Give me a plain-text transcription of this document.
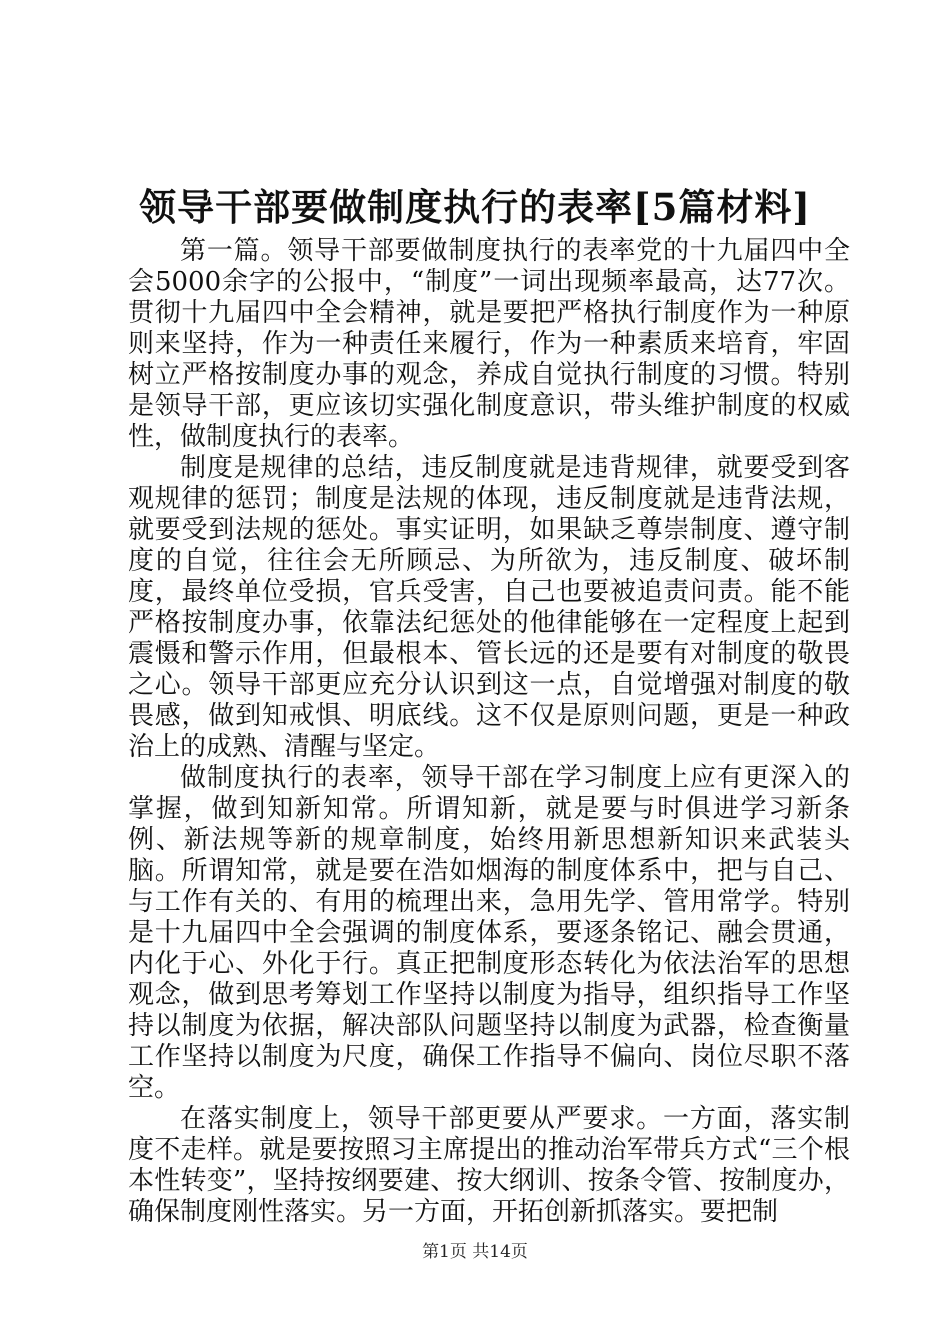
领导干部要做制度执行的表率[5篇材料]

第一篇。领导干部要做制度执行的表率党的十九届四中全会5000余字的公报中，“制度”一词出现频率最高，达77次。贯彻十九届四中全会精神，就是要把严格执行制度作为一种原则来坚持，作为一种责任来履行，作为一种素质来培育，牢固树立严格按制度办事的观念，养成自觉执行制度的习惯。特别是领导干部，更应该切实强化制度意识，带头维护制度的权威性，做制度执行的表率。

制度是规律的总结，违反制度就是违背规律，就要受到客观规律的惩罚；制度是法规的体现，违反制度就是违背法规，就要受到法规的惩处。事实证明，如果缺乏尊崇制度、遵守制度的自觉，往往会无所顾忌、为所欲为，违反制度、破坏制度，最终单位受损，官兵受害，自己也要被追责问责。能不能严格按制度办事，依靠法纪惩处的他律能够在一定程度上起到震慑和警示作用，但最根本、管长远的还是要有对制度的敬畏之心。领导干部更应充分认识到这一点，自觉增强对制度的敬畏感，做到知戒惧、明底线。这不仅是原则问题，更是一种政治上的成熟、清醒与坚定。

做制度执行的表率，领导干部在学习制度上应有更深入的掌握，做到知新知常。所谓知新，就是要与时俱进学习新条例、新法规等新的规章制度，始终用新思想新知识来武装头脑。所谓知常，就是要在浩如烟海的制度体系中，把与自己、与工作有关的、有用的梳理出来，急用先学、管用常学。特别是十九届四中全会强调的制度体系，要逐条铭记、融会贯通，内化于心、外化于行。真正把制度形态转化为依法治军的思想观念，做到思考筹划工作坚持以制度为指导，组织指导工作坚持以制度为依据，解决部队问题坚持以制度为武器，检查衡量工作坚持以制度为尺度，确保工作指导不偏向、岗位尽职不落空。

在落实制度上，领导干部更要从严要求。一方面，落实制度不走样。就是要按照习主席提出的推动治军带兵方式“三个根本性转变”，坚持按纲要建、按大纲训、按条令管、按制度办，确保制度刚性落实。另一方面，开拓创新抓落实。要把制

第1页 共14页
